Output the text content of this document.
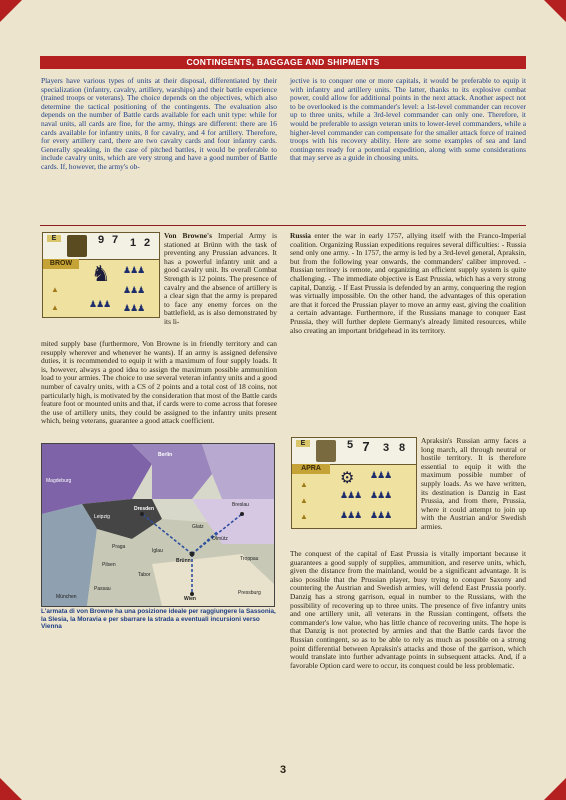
CONTINGENTS, BAGGAGE AND SHIPMENTS

Players have various types of units at their disposal, differentiated by their specialization (infantry, cavalry, artillery, warships) and their battle experience (trained troops or veterans). The choice depends on the objectives, which also determine the tactical positioning of the contingents. The evaluation also depends on the number of Battle cards available for each unit type: while for naval units, all cards are fine, for the army, things are different: there are 16 cards available for infantry units, 8 for cavalry, and 4 for artillery. Therefore, for every artillery card, there are two cavalry cards and four infantry cards. Generally speaking, in the case of pitched battles, it would be preferable to include cavalry units, which are very strong and have a good number of Battle cards. If, however, the army's ob-

jective is to conquer one or more capitals, it would be preferable to equip it with infantry and artillery units. The latter, thanks to its explosive combat power, could allow for additional points in the next attack. Another aspect not to be overlooked is the commander's level: a 1st-level commander can recover up to three units, while a 3rd-level commander can only one. Therefore, it would be preferable to assign veteran units to lower-level commanders, while a higher-level commander can compensate for the smaller attack force of trained troops with his recovery ability. Here are some examples of sea and land contingents ready for a potential expedition, along with some considerations that may serve as a guide in choosing units.

E	9 7 1 2
BROW ♞ ♟♟♟
♟♟♟
♟♟♟ ♟♟♟
▲
▲

Von Browne's Imperial Army is stationed at Brünn with the task of preventing any Prussian advances. It has a powerful infantry unit and a good cavalry unit. Its overall Combat Strength is 12 points. The presence of cavalry and the absence of artillery is a clear sign that the army is prepared to face any enemy forces on the battlefield, as is also demonstrated by its li-

mited supply base (furthermore, Von Browne is in friendly territory and can resupply wherever and whenever he wants). If an army is assigned defensive duties, it is recommended to equip it with a maximum of four supply loads. It is, however, always a good idea to assign the maximum possible ammunition load to your armies. The choice to use several veteran infantry units and a good number of cavalry units, with a CS of 2 points and a total cost of 18 coins, not particularly high, is motivated by the consideration that most of the Battle cards feature foot or mounted units and that, if cards were to come across that foresee the use of artillery units, they could be assigned to the infantry units present which, being veterans, guarantee a good attack coefficient.

Berlin
Dresden
Praga
Brünn
Breslau
Olmütz
Wien
Magdeburg
Leipzig
Pilsen
Tabor
Iglau
Glatz
Troppau
Pressburg
München
Passau
L'armata di von Browne ha una posizione ideale per raggiungere la Sassonia, la Slesia, la Moravia e per sbarrare la strada a eventuali incursioni verso Vienna

Russia enter the war in early 1757, allying itself with the Franco-Imperial coalition. Organizing Russian expeditions requires several difficulties: - Russia send only one army. - In 1757, the army is led by a 3rd-level general, Apraksin, but from the following year onwards, the commanders' caliber improved. - Russian territory is remote, and organizing an efficient supply system is quite challenging. - The immediate objective is East Prussia, which has a very strong capital, Danzig. - If East Prussia is defended by an army, conquering the region was virtually impossible. On the other hand, the advantages of this operation are that it forced the Prussian player to move an army east, giving the coalition a certain advantage. Furthermore, if the Russians manage to conquer East Prussia, they will further deplete Germany's already limited resources, while also creating an important bridgehead in its territory.

E	5 7 3 8
APRA
⚙ ♟♟♟
♟♟♟ ♟♟♟
♟♟♟ ♟♟♟
▲
▲
▲

Apraksin's Russian army faces a long march, all through neutral or hostile territory. It is therefore essential to equip it with the maximum possible number of supply loads. As we have written, its destination is Danzig in East Prussia, and from there, Prussia, where it could attempt to join up with the Austrian and/or Swedish armies.

The conquest of the capital of East Prussia is vitally important because it guarantees a good supply of supplies, ammunition, and reserve units, which, given the distance from the mainland, would be a significant advantage. It is also possible that the Prussian player, busy trying to conquer Saxony and countering the Austrian and Swedish armies, will defend East Prussia poorly. Danzig has a strong garrison, equal in number to the Russians, with the possibility of recovering up to three units. The presence of five infantry units and one artillery unit, all veterans in the Russian contingent, offsets the commander's low value, who has little chance of recovering units. The hope is that Danzig is not protected by armies and that the Battle cards favor the Russian contingent, so as to be able to rely as much as possible on a strong point differential between Apraksin's attacks and those of the garrison, which would translate into further advantage points in subsequent attacks. And, if a favorable Option card were to occur, its conquest could be less problematic.

3
